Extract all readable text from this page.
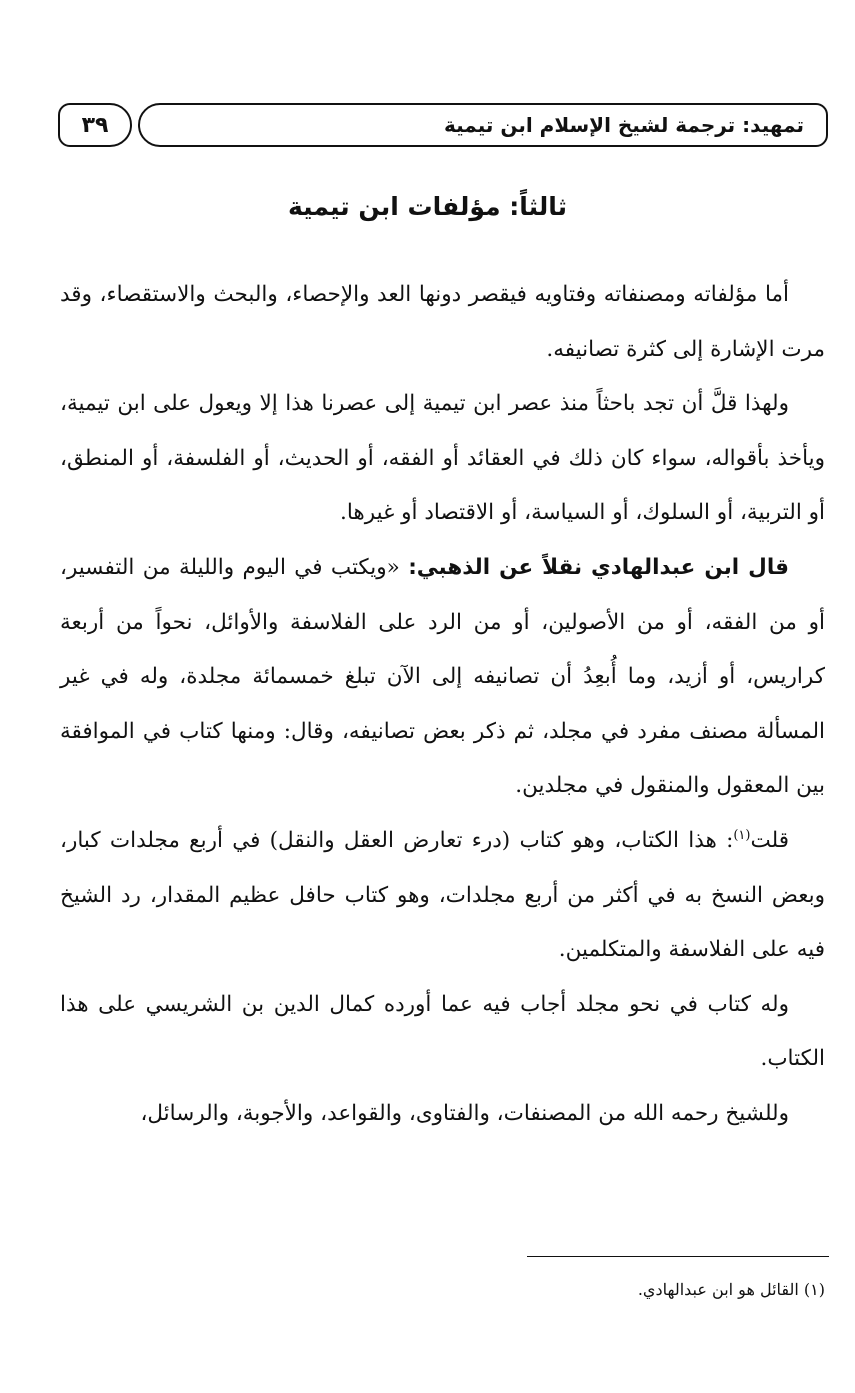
تمهيد: ترجمة لشيخ الإسلام ابن تيمية
٣٩
ثالثاً: مؤلفات ابن تيمية

أما مؤلفاته ومصنفاته وفتاويه فيقصر دونها العد والإحصاء، والبحث والاستقصاء، وقد مرت الإشارة إلى كثرة تصانيفه.

ولهذا قلَّ أن تجد باحثاً منذ عصر ابن تيمية إلى عصرنا هذا إلا ويعول على ابن تيمية، ويأخذ بأقواله، سواء كان ذلك في العقائد أو الفقه، أو الحديث، أو الفلسفة، أو المنطق، أو التربية، أو السلوك، أو السياسة، أو الاقتصاد أو غيرها.

قال ابن عبدالهادي نقلاً عن الذهبي: «ويكتب في اليوم والليلة من التفسير، أو من الفقه، أو من الأصولين، أو من الرد على الفلاسفة والأوائل، نحواً من أربعة كراريس، أو أزيد، وما أُبعِدُ أن تصانيفه إلى الآن تبلغ خمسمائة مجلدة، وله في غير المسألة مصنف مفرد في مجلد، ثم ذكر بعض تصانيفه، وقال: ومنها كتاب في الموافقة بين المعقول والمنقول في مجلدين.

قلت$^{(١)}$: هذا الكتاب، وهو كتاب (درء تعارض العقل والنقل) في أربع مجلدات كبار، وبعض النسخ به في أكثر من أربع مجلدات، وهو كتاب حافل عظيم المقدار، رد الشيخ فيه على الفلاسفة والمتكلمين.

وله كتاب في نحو مجلد أجاب فيه عما أورده كمال الدين بن الشريسي على هذا الكتاب.

وللشيخ رحمه الله من المصنفات، والفتاوى، والقواعد، والأجوبة، والرسائل،

(١) القائل هو ابن عبدالهادي.
